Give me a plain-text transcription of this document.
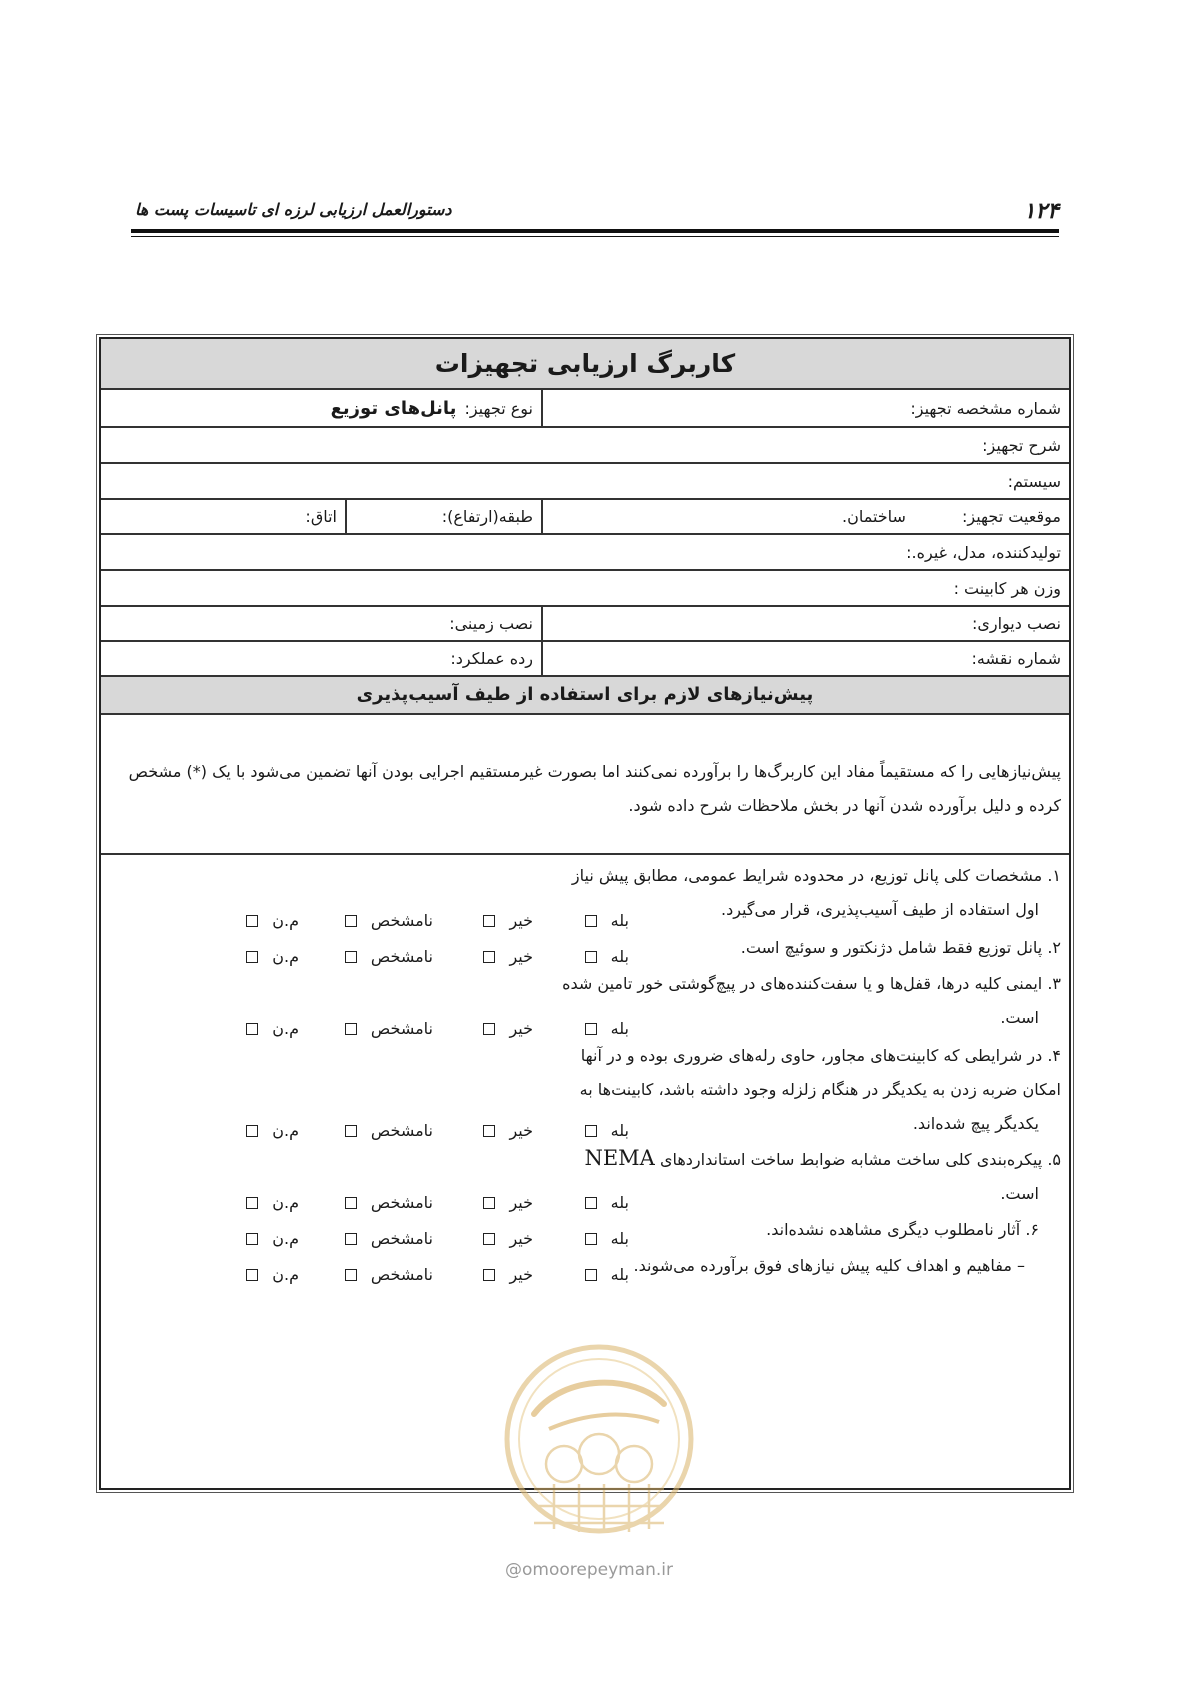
۱۲۴
دستورالعمل ارزیابی لرزه ای تاسیسات پست ها
کاربرگ ارزیابی تجهیزات
شماره مشخصه تجهیز:
نوع تجهیز:
پانل‌های توزیع
شرح تجهیز:
سیستم:
موقعیت تجهیز:
ساختمان.
طبقه(ارتفاع):
اتاق:
تولیدکننده، مدل، غیره.:
وزن هر کابینت :
نصب دیواری:
نصب زمینی:
شماره نقشه:
رده عملکرد:
پیش‌نیازهای لازم برای استفاده از طیف آسیب‌پذیری
پیش‌نیازهایی را که مستقیماً مفاد این کاربرگ‌ها را برآورده نمی‌کنند اما بصورت غیرمستقیم اجرایی بودن آنها تضمین می‌شود با یک (*) مشخص
کرده و دلیل برآورده شدن آنها در بخش ملاحظات شرح داده شود.
۱. مشخصات کلی پانل توزیع، در محدوده شرایط عمومی، مطابق پیش نیاز
اول استفاده از طیف آسیب‌پذیری، قرار می‌گیرد.
۲. پانل توزیع فقط شامل دژنکتور و سوئیچ است.
۳. ایمنی کلیه درها، قفل‌ها و یا سفت‌کننده‌های در پیچ‌گوشتی خور تامین شده
است.
۴. در شرایطی که کابینت‌های مجاور، حاوی رله‌های ضروری بوده و در آنها
امکان ضربه زدن به یکدیگر در هنگام زلزله وجود داشته باشد، کابینت‌ها به
یکدیگر پیچ شده‌اند.
۵. پیکره‌بندی کلی ساخت مشابه ضوابط ساخت استانداردهای NEMA
است.
۶. آثار نامطلوب دیگری مشاهده نشده‌اند.
– مفاهیم و اهداف کلیه پیش نیازهای فوق برآورده می‌شوند.
بله
خیر
نامشخص
م.ن
بله
خیر
نامشخص
م.ن
بله
خیر
نامشخص
م.ن
بله
خیر
نامشخص
م.ن
بله
خیر
نامشخص
م.ن
بله
خیر
نامشخص
م.ن
بله
خیر
نامشخص
م.ن
@omoorepeyman.ir
